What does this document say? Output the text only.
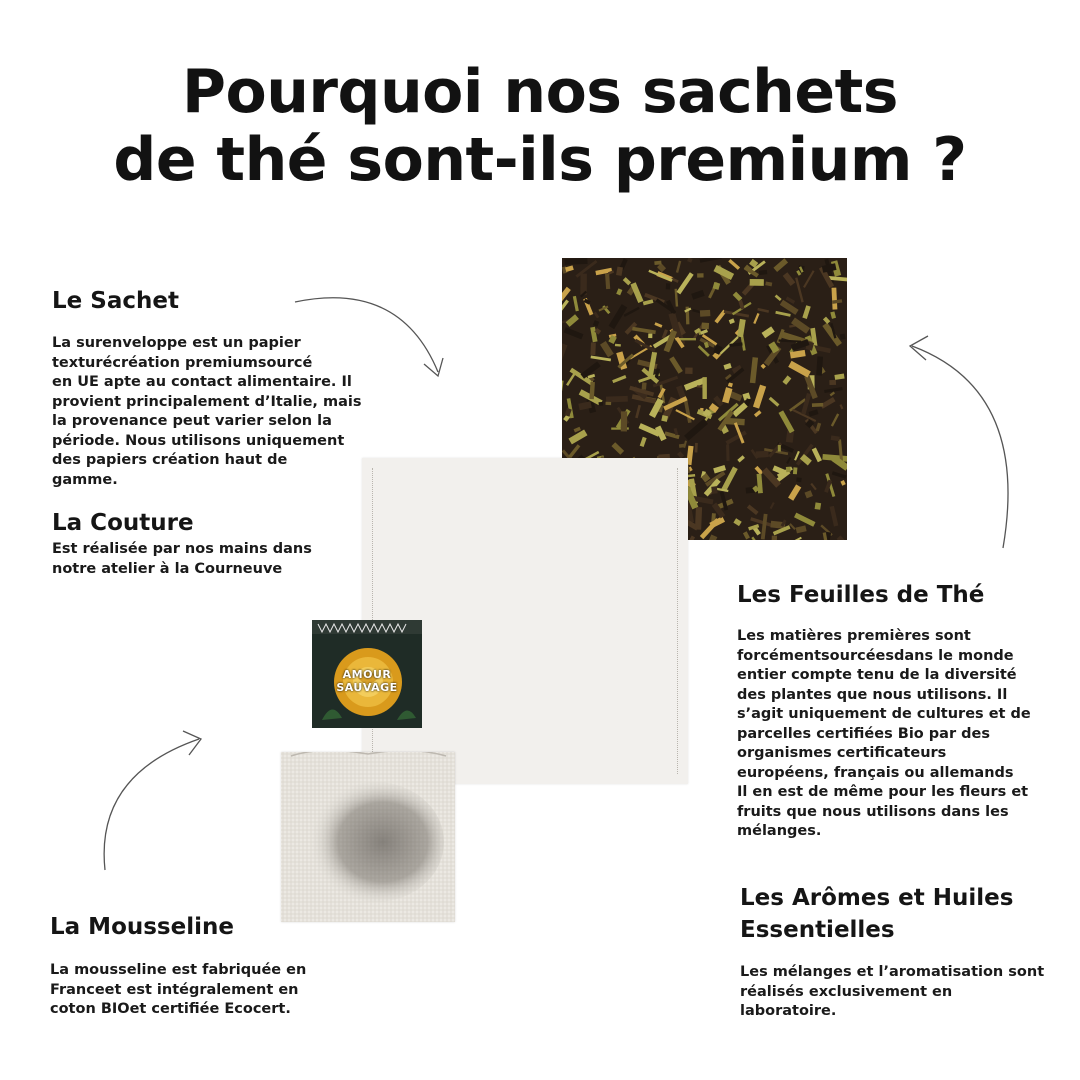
Pourquoi nos sachets
de thé sont-ils premium ?
Le Sachet
La surenveloppe est un papier
texturécréation premiumsourcé
en UE apte au contact alimentaire. Il
provient principalement d’Italie, mais
la provenance peut varier selon la
période. Nous utilisons uniquement
des papiers création haut de
gamme.
La Couture
Est réalisée par nos mains dans
notre atelier à la Courneuve
La Mousseline
La mousseline est fabriquée en
Franceet est intégralement en
coton BIOet certifiée Ecocert.
Les Feuilles de Thé
Les matières premières sont
forcémentsourcéesdans le monde
entier compte tenu de la diversité
des plantes que nous utilisons. Il
s’agit uniquement de cultures et de
parcelles certifiées Bio par des
organismes certificateurs
européens, français ou allemands
Il en est de même pour les fleurs et
fruits que nous utilisons dans les
mélanges.
Les Arômes et Huiles
Essentielles
Les mélanges et l’aromatisation sont
réalisés exclusivement en
laboratoire.
AMOUR SAUVAGE
